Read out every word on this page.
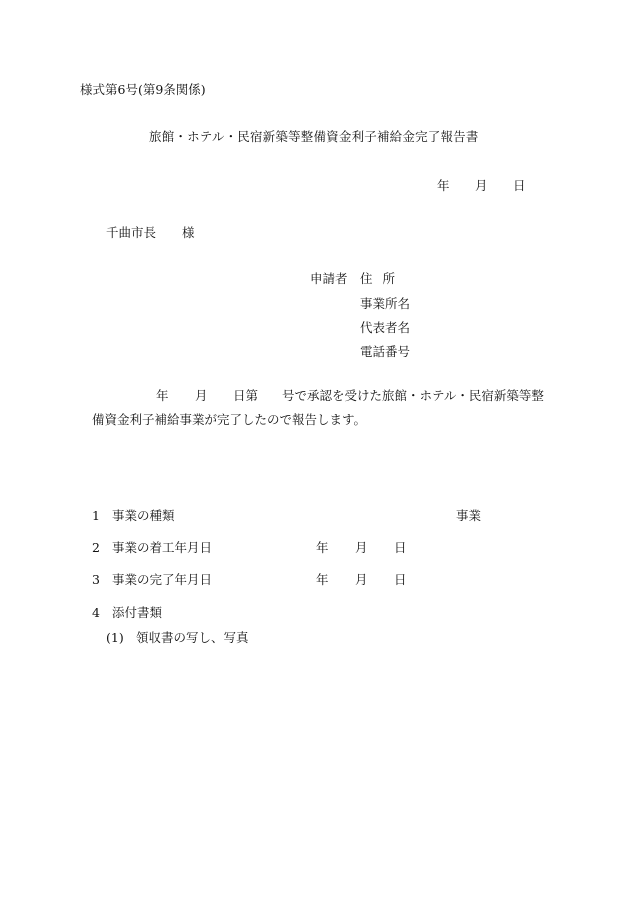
様式第6号(第9条関係)
旅館・ホテル・民宿新築等整備資金利子補給金完了報告書
年 月 日
千曲市長 様
申請者 住 所
事業所名
代表者名
電話番号
年 月 日第 号で承認を受けた旅館・ホテル・民宿新築等整
備資金利子補給事業が完了したので報告します。
1 事業の種類	事業
2 事業の着工年月日	年 月 日
3 事業の完了年月日	年 月 日
4 添付書類
(1) 領収書の写し、写真
